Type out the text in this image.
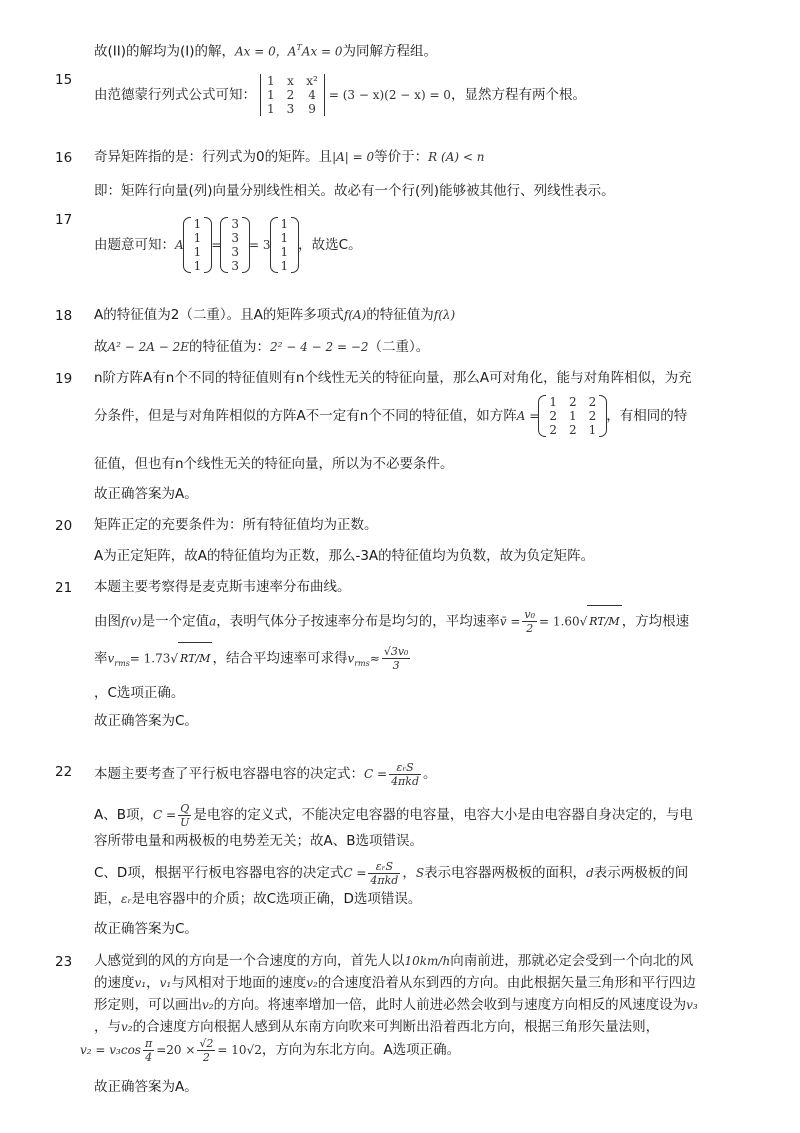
故(II)的解均为(I)的解，Ax = 0，$A^TAx = 0$为同解方程组。
15
由范德蒙行列式公式可知：
1	x	x²
1	2	4
1	3	9
= (3 − x)(2 − x) = 0，显然方程有两个根。
16	奇异矩阵指的是：行列式为0的矩阵。且|A| = 0等价于：R (A) < n
即：矩阵行向量(列)向量分别线性相关。故必有一个行(列)能够被其他行、列线性表示。
17
由题意可知：A
1
1
1
1
=
3
3
3
3
= 3
1
1
1
1
，故选C。
18	A的特征值为2（二重）。且A的矩阵多项式f(A)的特征值为f(λ)
故A² − 2A − 2E的特征值为：2² − 4 − 2 = −2（二重）。
19	n阶方阵A有n个不同的特征值则有n个线性无关的特征向量，那么A可对角化，能与对角阵相似，为充
分条件，但是与对角阵相似的方阵A不一定有n个不同的特征值，如方阵A =
1	2	2
2	1	2
2	2	1
，有相同的特
征值，但也有n个线性无关的特征向量，所以为不必要条件。
故正确答案为A。
20	矩阵正定的充要条件为：所有特征值均为正数。
A为正定矩阵，故A的特征值均为正数，那么-3A的特征值均为负数，故为负定矩阵。
21	本题主要考察得是麦克斯韦速率分布曲线。
由图f(v)是一个定值a，表明气体分子按速率分布是均匀的，平均速率v̄ = $\frac{\text{v₀}}{2} = 1.60√$ RT/M ，方均根速
率$v_{rms}= 1.73√$ RT/M ，结合平均速率可求得$v_{rms}\approx \frac{\text{√3v₀}}{3}$
，C选项正确。
故正确答案为C。
22	本题主要考查了平行板电容器电容的决定式：$C = \frac{\text{εᵣS}}{\text{4πkd}}$ 。
A、B项，$C = \frac{Q}{U}$ 是电容的定义式，不能决定电容器的电容量，电容大小是由电容器自身决定的，与电
容所带电量和两极板的电势差无关；故A、B选项错误。
C、D项，根据平行板电容器电容的决定式$C = \frac{\text{εᵣS}}{\text{4πkd}}$ ，S表示电容器两极板的面积，d表示两极板的间
距，εᵣ是电容器中的介质；故C选项正确，D选项错误。
故正确答案为C。
23	人感觉到的风的方向是一个合速度的方向，首先人以10km/h向南前进，那就必定会受到一个向北的风
的速度v₁，v₁与风相对于地面的速度v₂的合速度沿着从东到西的方向。由此根据矢量三角形和平行四边
形定则，可以画出v₂的方向。将速率增加一倍，此时人前进必然会收到与速度方向相反的风速度设为v₃
，与v₂的合速度方向根据人感到从东南方向吹来可判断出沿着西北方向，根据三角形矢量法则，
$v_2 = v_3\cos \frac{\pi}{4} =20 \times \frac{√2}{2} = 10√2$，方向为东北方向。A选项正确。
故正确答案为A。
